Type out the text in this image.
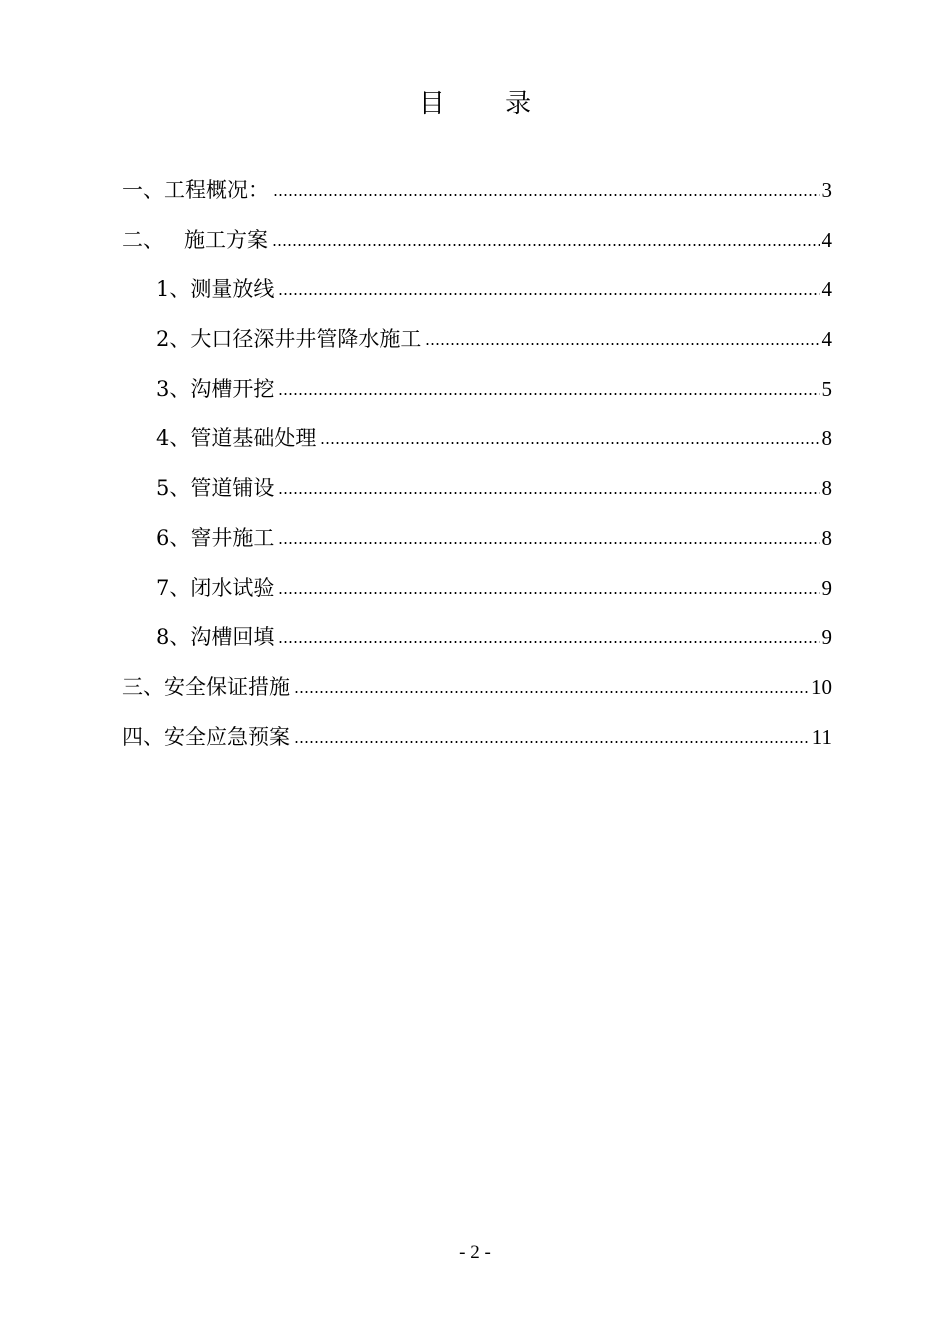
目 录
一、工程概况：	3
二、   施工方案	4
1、测量放线	4
2、大口径深井井管降水施工	4
3、沟槽开挖	5
4、管道基础处理	8
5、管道铺设	8
6、窨井施工	8
7、闭水试验	9
8、沟槽回填	9
三、安全保证措施	10
四、安全应急预案	11
- 2 -
